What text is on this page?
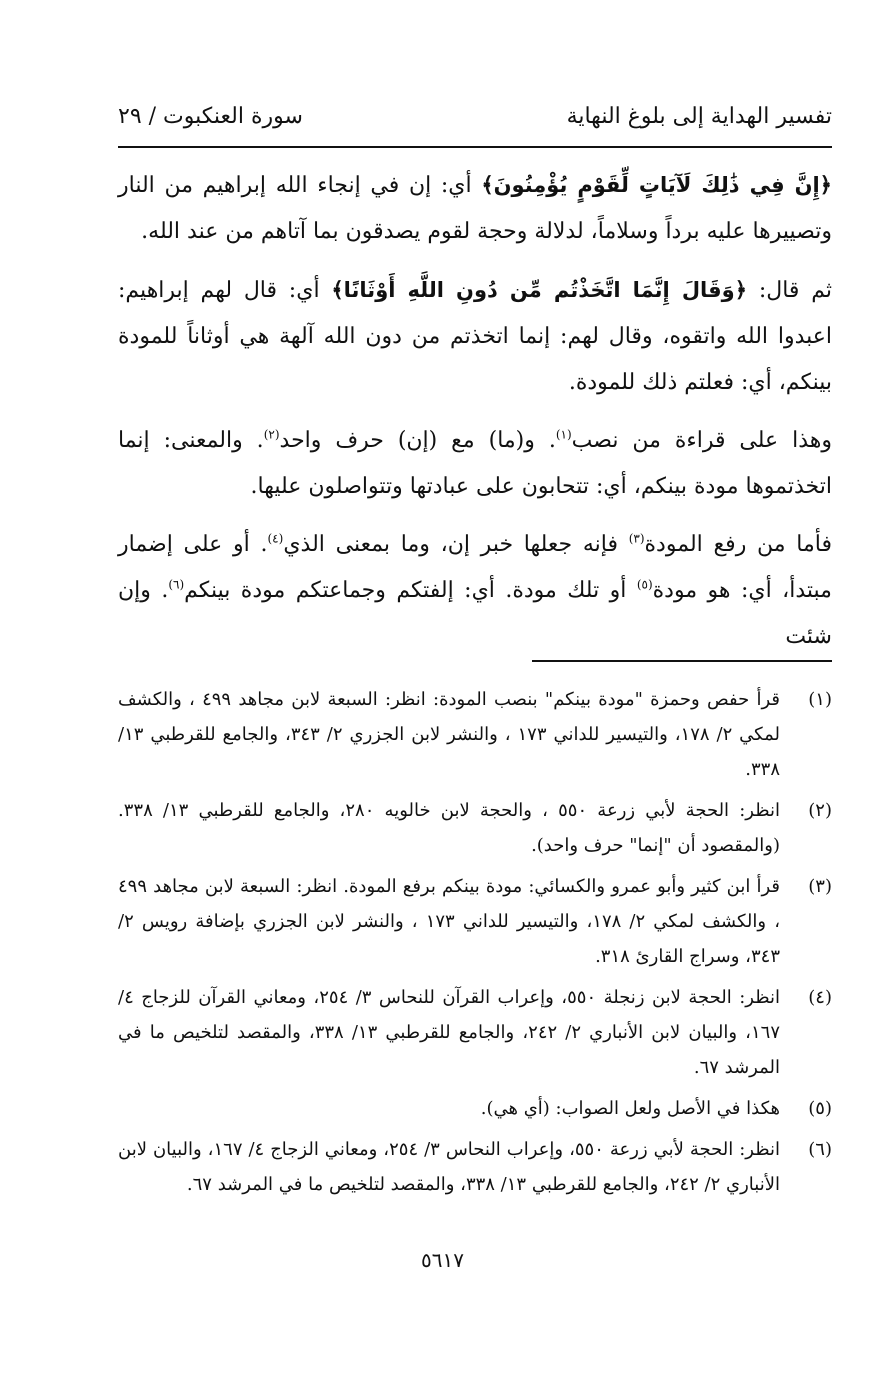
تفسير الهداية إلى بلوغ النهاية
سورة العنكبوت / ٢٩

﴿إِنَّ فِي ذَٰلِكَ لَآيَاتٍ لِّقَوْمٍ يُؤْمِنُونَ﴾ أي: إن في إنجاء الله إبراهيم من النار وتصييرها عليه برداً وسلاماً، لدلالة وحجة لقوم يصدقون بما آتاهم من عند الله.

ثم قال: ﴿وَقَالَ إِنَّمَا اتَّخَذْتُم مِّن دُونِ اللَّهِ أَوْثَانًا﴾ أي: قال لهم إبراهيم: اعبدوا الله واتقوه، وقال لهم: إنما اتخذتم من دون الله آلهة هي أوثاناً للمودة بينكم، أي: فعلتم ذلك للمودة.

وهذا على قراءة من نصب$^{(١)}$. و(ما) مع (إن) حرف واحد$^{(٢)}$. والمعنى: إنما اتخذتموها مودة بينكم، أي: تتحابون على عبادتها وتتواصلون عليها.

فأما من رفع المودة$^{(٣)}$ فإنه جعلها خبر إن، وما بمعنى الذي$^{(٤)}$. أو على إضمار مبتدأ، أي: هو مودة$^{(٥)}$ أو تلك مودة. أي: إلفتكم وجماعتكم مودة بينكم$^{(٦)}$. وإن شئت

(١)
قرأ حفص وحمزة "مودة بينكم" بنصب المودة: انظر: السبعة لابن مجاهد ٤٩٩ ، والكشف لمكي ٢/ ١٧٨، والتيسير للداني ١٧٣ ، والنشر لابن الجزري ٢/ ٣٤٣، والجامع للقرطبي ١٣/ ٣٣٨.
(٢)
انظر: الحجة لأبي زرعة ٥٥٠ ، والحجة لابن خالويه ٢٨٠، والجامع للقرطبي ١٣/ ٣٣٨. (والمقصود أن "إنما" حرف واحد).
(٣)
قرأ ابن كثير وأبو عمرو والكسائي: مودة بينكم برفع المودة. انظر: السبعة لابن مجاهد ٤٩٩ ، والكشف لمكي ٢/ ١٧٨، والتيسير للداني ١٧٣ ، والنشر لابن الجزري بإضافة رويس ٢/ ٣٤٣، وسراج القارئ ٣١٨.
(٤)
انظر: الحجة لابن زنجلة ٥٥٠، وإعراب القرآن للنحاس ٣/ ٢٥٤، ومعاني القرآن للزجاج ٤/ ١٦٧، والبيان لابن الأنباري ٢/ ٢٤٢، والجامع للقرطبي ١٣/ ٣٣٨، والمقصد لتلخيص ما في المرشد ٦٧.
(٥)
هكذا في الأصل ولعل الصواب: (أي هي).
(٦)
انظر: الحجة لأبي زرعة ٥٥٠، وإعراب النحاس ٣/ ٢٥٤، ومعاني الزجاج ٤/ ١٦٧، والبيان لابن الأنباري ٢/ ٢٤٢، والجامع للقرطبي ١٣/ ٣٣٨، والمقصد لتلخيص ما في المرشد ٦٧.
٥٦١٧
